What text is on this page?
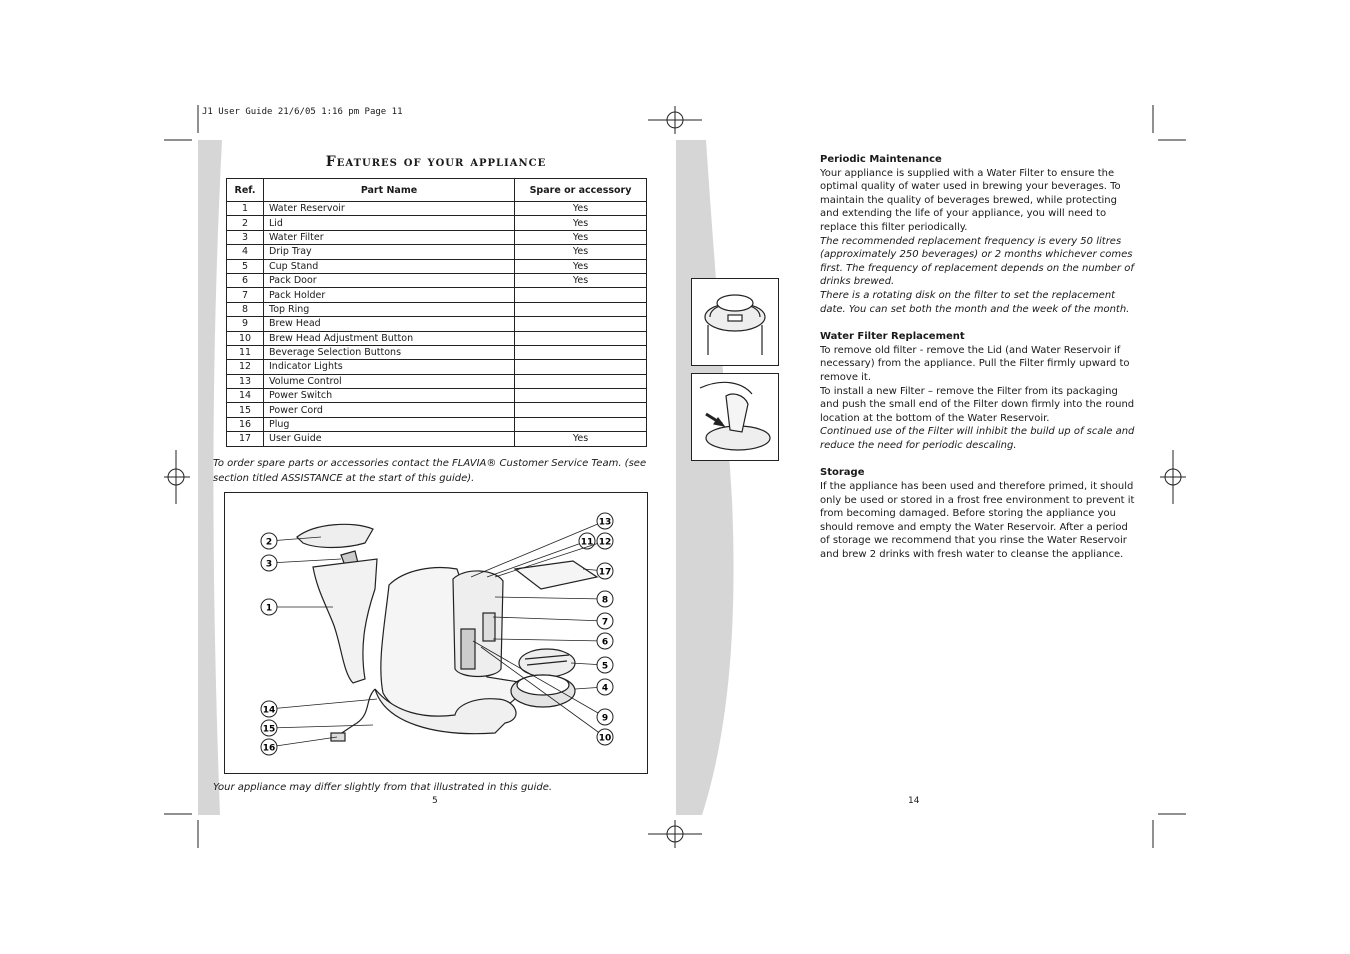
J1 User Guide 21/6/05 1:16 pm Page 11
Features of your appliance
Ref.	Part Name	Spare or accessory
1	Water Reservoir	Yes
2	Lid	Yes
3	Water Filter	Yes
4	Drip Tray	Yes
5	Cup Stand	Yes
6	Pack Door	Yes
7	Pack Holder	
8	Top Ring	
9	Brew Head	
10	Brew Head Adjustment Button	
11	Beverage Selection Buttons	
12	Indicator Lights	
13	Volume Control	
14	Power Switch	
15	Power Cord	
16	Plug	
17	User Guide	Yes
To order spare parts or accessories contact the FLAVIA® Customer Service Team. (see section titled ASSISTANCE at the start of this guide).
2
3
1
14
15
16
13
11 12
17
8
7
6
5
4
9
10
Your appliance may differ slightly from that illustrated in this guide.
5

Periodic Maintenance

Your appliance is supplied with a Water Filter to ensure the optimal quality of water used in brewing your beverages. To maintain the quality of beverages brewed, while protecting and extending the life of your appliance, you will need to replace this filter periodically.

The recommended replacement frequency is every 50 litres (approximately 250 beverages) or 2 months whichever comes first. The frequency of replacement depends on the number of drinks brewed.

There is a rotating disk on the filter to set the replacement date. You can set both the month and the week of the month.

Water Filter Replacement

To remove old filter - remove the Lid (and Water Reservoir if necessary) from the appliance. Pull the Filter firmly upward to remove it.

To install a new Filter – remove the Filter from its packaging and push the small end of the Filter down firmly into the round location at the bottom of the Water Reservoir.

Continued use of the Filter will inhibit the build up of scale and reduce the need for periodic descaling.

Storage

If the appliance has been used and therefore primed, it should only be used or stored in a frost free environment to prevent it from becoming damaged. Before storing the appliance you should remove and empty the Water Reservoir. After a period of storage we recommend that you rinse the Water Reservoir and brew 2 drinks with fresh water to cleanse the appliance.

14
